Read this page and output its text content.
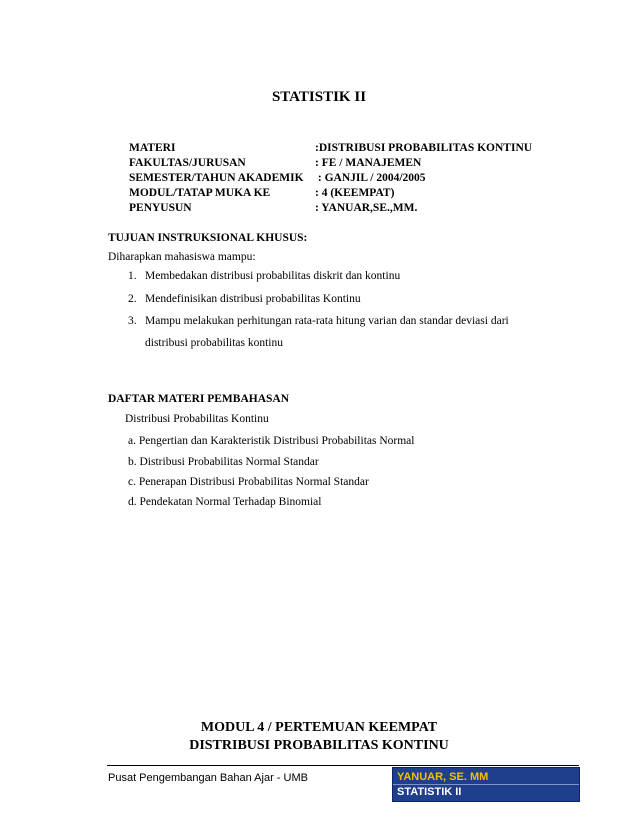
STATISTIK II
MATERI	:DISTRIBUSI PROBABILITAS KONTINU
FAKULTAS/JURUSAN	: FE / MANAJEMEN
SEMESTER/TAHUN AKADEMIK : GANJIL / 2004/2005
MODUL/TATAP MUKA KE	: 4 (KEEMPAT)
PENYUSUN	: YANUAR,SE.,MM.
TUJUAN INSTRUKSIONAL KHUSUS:
Diharapkan mahasiswa mampu:
1. Membedakan distribusi probabilitas diskrit dan kontinu
2. Mendefinisikan distribusi probabilitas Kontinu
3. Mampu melakukan perhitungan rata-rata hitung varian dan standar deviasi dari
distribusi probabilitas kontinu
DAFTAR MATERI PEMBAHASAN
Distribusi Probabilitas Kontinu
a. Pengertian dan Karakteristik Distribusi Probabilitas Normal
b. Distribusi Probabilitas Normal Standar
c. Penerapan Distribusi Probabilitas Normal Standar
d. Pendekatan Normal Terhadap Binomial
MODUL 4 / PERTEMUAN KEEMPAT
DISTRIBUSI PROBABILITAS KONTINU
Pusat Pengembangan Bahan Ajar - UMB	YANUAR, SE. MM
STATISTIK II
